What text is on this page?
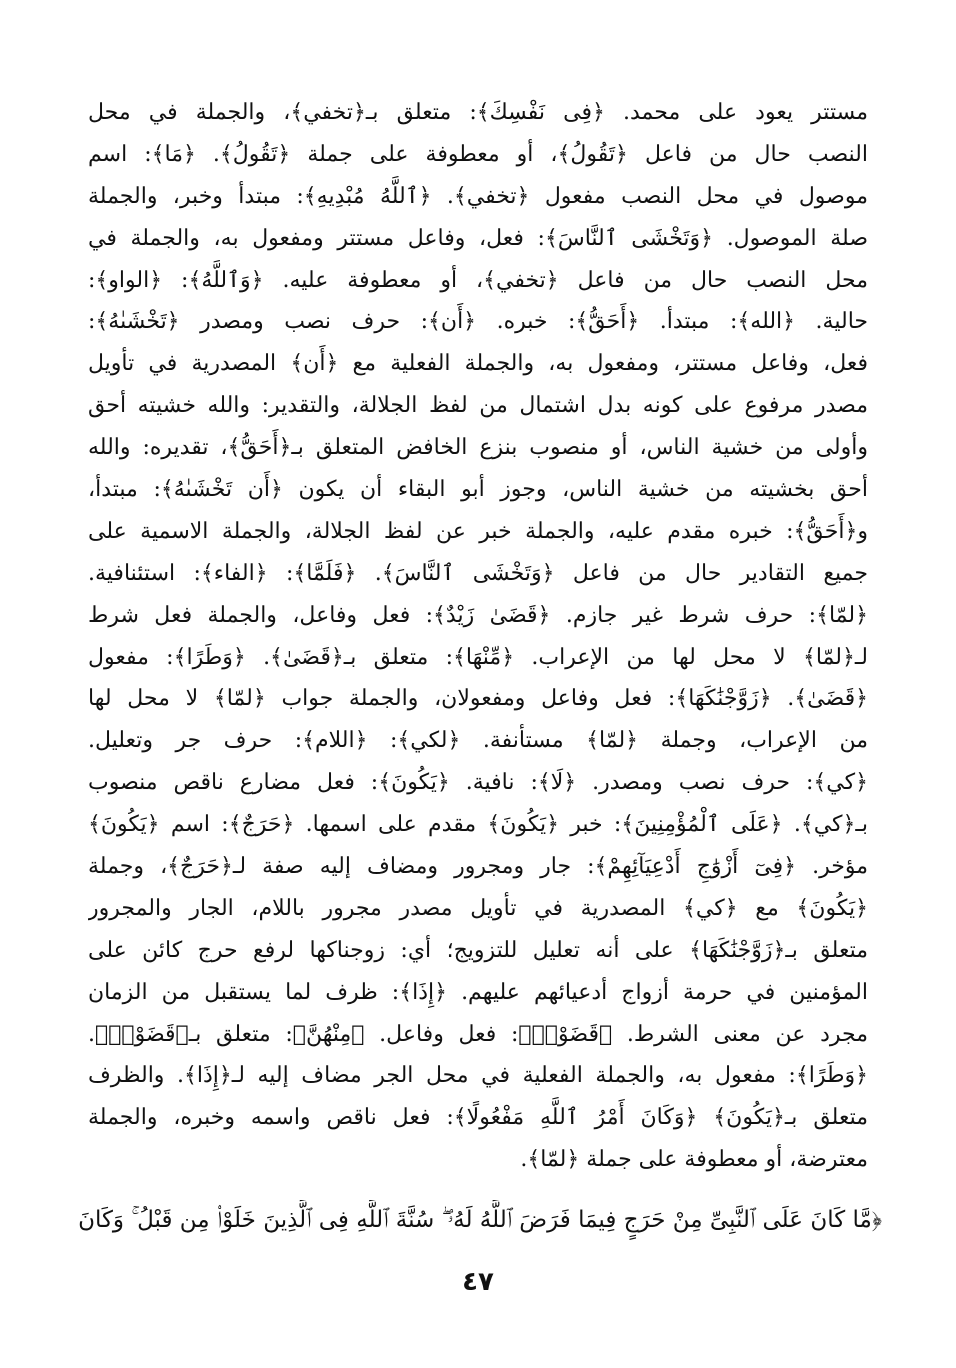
مستتر يعود على محمد. ﴿فِى نَفْسِكَ﴾: متعلق بـ﴿تخفي﴾، والجملة في محل
النصب حال من فاعل ﴿تَقُولُ﴾، أو معطوفة على جملة ﴿تَقُولُ﴾. ﴿مَا﴾: اسم
موصول في محل النصب مفعول ﴿تخفي﴾. ﴿ٱللَّهُ مُبْدِيهِ﴾: مبتدأ وخبر، والجملة
صلة الموصول. ﴿وَتَخْشَى ٱلنَّاسَ﴾: فعل، وفاعل مستتر ومفعول به، والجملة في
محل النصب حال من فاعل ﴿تخفي﴾، أو معطوفة عليه. ﴿وَٱللَّهُ﴾: ﴿الواو﴾:
حالية. ﴿الله﴾: مبتدأ. ﴿أَحَقُّ﴾: خبره. ﴿أَن﴾: حرف نصب ومصدر ﴿تَخْشَىٰهُ﴾:
فعل، وفاعل مستتر، ومفعول به، والجملة الفعلية مع ﴿أَن﴾ المصدرية في تأويل
مصدر مرفوع على كونه بدل اشتمال من لفظ الجلالة، والتقدير: والله خشيته أحق
وأولى من خشية الناس، أو منصوب بنزع الخافض المتعلق بـ﴿أَحَقُّ﴾، تقديره: والله
أحق بخشيته من خشية الناس، وجوز أبو البقاء أن يكون ﴿أَن تَخْشَىٰهُ﴾: مبتدأ،
و﴿أَحَقُّ﴾: خبره مقدم عليه، والجملة خبر عن لفظ الجلالة، والجملة الاسمية على
جميع التقادير حال من فاعل ﴿وَتَخْشَى ٱلنَّاسَ﴾. ﴿فَلَمَّا﴾: ﴿الفاء﴾: استئنافية.
﴿لمّا﴾: حرف شرط غير جازم. ﴿قَضَىٰ زَيْدٌ﴾: فعل وفاعل، والجملة فعل شرط
لـ﴿لمّا﴾ لا محل لها من الإعراب. ﴿مِّنْهَا﴾: متعلق بـ﴿قَضَىٰ﴾. ﴿وَطَرًا﴾: مفعول
﴿قَضَىٰ﴾. ﴿زَوَّجْنَٰكَهَا﴾: فعل وفاعل ومفعولان، والجملة جواب ﴿لمّا﴾ لا محل لها
من الإعراب، وجملة ﴿لمّا﴾ مستأنفة. ﴿لكي﴾: ﴿اللام﴾: حرف جر وتعليل.
﴿كي﴾: حرف نصب ومصدر. ﴿لَا﴾: نافية. ﴿يَكُونَ﴾: فعل مضارع ناقص منصوب
بـ﴿كي﴾. ﴿عَلَى ٱلْمُؤْمِنِينَ﴾: خبر ﴿يَكُونَ﴾ مقدم على اسمها. ﴿حَرَجٌ﴾: اسم ﴿يَكُونَ﴾
مؤخر. ﴿فِىٓ أَزْوَٰجِ أَدْعِيَآئِهِمْ﴾: جار ومجرور ومضاف إليه صفة لـ﴿حَرَجٌ﴾، وجملة
﴿يَكُونَ﴾ مع ﴿كي﴾ المصدرية في تأويل مصدر مجرور باللام، الجار والمجرور
متعلق بـ﴿زَوَّجْنَٰكَهَا﴾ على أنه تعليل للتزويج؛ أي: زوجناكها لرفع حرج كائن على
المؤمنين في حرمة أزواج أدعيائهم عليهم. ﴿إِذَا﴾: ظرف لما يستقبل من الزمان
مجرد عن معنى الشرط. ﴿قَضَوْا۟﴾: فعل وفاعل. ﴿مِنْهُنَّ﴾: متعلق بـ﴿قَضَوْا۟﴾.
﴿وَطَرًا﴾: مفعول به، والجملة الفعلية في محل الجر مضاف إليه لـ﴿إِذَا﴾. والظرف
متعلق بـ﴿يَكُونَ﴾ ﴿وَكَانَ أَمْرُ ٱللَّهِ مَفْعُولًا﴾: فعل ناقص واسمه وخبره، والجملة
معترضة، أو معطوفة على جملة ﴿لمّا﴾.
﴿مَّا كَانَ عَلَى ٱلنَّبِىِّ مِنْ حَرَجٍ فِيمَا فَرَضَ ٱللَّهُ لَهُۥ ۖ سُنَّةَ ٱللَّهِ فِى ٱلَّذِينَ خَلَوْا۟ مِن قَبْلُ ۚ وَكَانَ
٤٧
